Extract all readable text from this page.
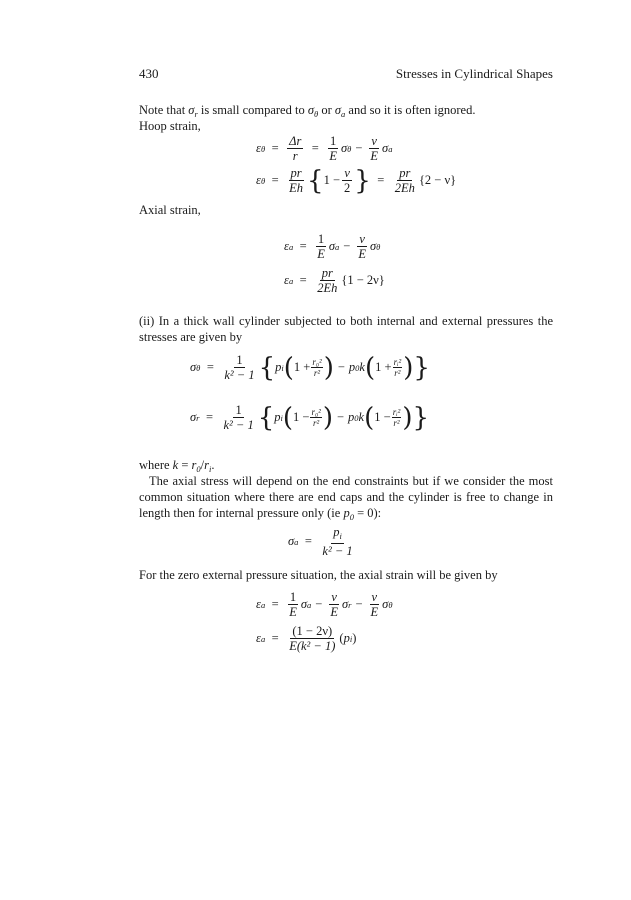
430	Stresses in Cylindrical Shapes

Note that $\sigma_r$ is small compared to $\sigma_\theta$ or $\sigma_a$ and so it is often ignored.

Hoop strain,

ε $\theta = \frac{\Delta r}{r} = \frac{1}{E}$ σ $\theta - \frac{\nu}{E}$ σ a
ε $\theta = \frac{pr}{Eh}$ { $1 - \frac{\nu}{2}$ } = $\frac{pr}{2Eh} \{2 - \nu\}$

Axial strain,

ε $a = \frac{1}{E}$ σ $a - \frac{\nu}{E}$ σ θ
ε $a = \frac{pr}{2Eh} \{1 - 2\nu\}$

(ii) In a thick wall cylinder subjected to both internal and external pressures the stresses are given by

σ $\theta = \frac{1}{\text{k² − 1}}$ { p i ( $1 + \frac{\text{r₀²}}{\text{r²}}$ ) − p 0 k ( $1 + \frac{\text{rᵢ²}}{\text{r²}}$ ) }
σ $r = \frac{1}{\text{k² − 1}}$ { p i ( $1 - \frac{\text{r₀²}}{\text{r²}}$ ) − p 0 k ( $1 - \frac{\text{rᵢ²}}{\text{r²}}$ ) }

where $k = r_0/r_i$.

The axial stress will depend on the end constraints but if we consider the most common situation where there are end caps and the cylinder is free to change in length then for internal pressure only (ie $p_0 = 0$):

σ $a = \frac{p_i}{\text{k² − 1}}$

For the zero external pressure situation, the axial strain will be given by

ε $a = \frac{1}{E}$ σ $a - \frac{\nu}{E}$ σ $r - \frac{\nu}{E}$ σ θ
ε $a = \frac{(1 - 2\nu)}{\text{E(k² − 1)}}$ ( p i )
